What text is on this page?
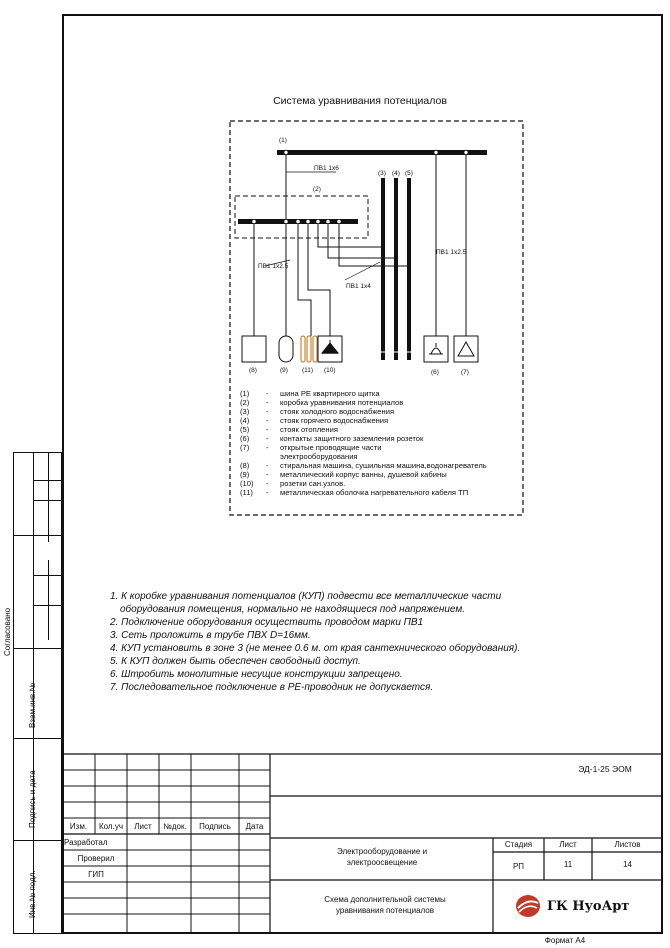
Согласовано
Взам.инв.№
Подпись и дата
Инв.№ подл.
Система уравнивания потенциалов
(1)
(2)
(3) (4) (5)
(8)	(9) (11) (10)	(6)	(7)
ПВ1 1х6
ПВ1 1х2.5
ПВ1 1х2.5
ПВ1 1х4
(1)	-	шина PE квартирного щитка
(2)	-	коробка уравнивания потенциалов
(3)	-	стояк холодного водоснабжения
(4)	-	стояк горячего водоснабжения
(5)	-	стояк отопления
(6)	-	контакты защитного заземления розеток
(7)	-	открытые проводящие части
электрооборудования
(8)	-	стиральная машина, сушильная машина,водонагреватель
(9)	-	металлический корпус ванны, душевой кабины
(10)	-	розетки сан.узлов.
(11)	-	металлическая оболочка нагревательного кабеля ТП
1. К коробке уравнивания потенциалов (КУП) подвести все металлические части
оборудования помещения, нормально не находящиеся под напряжением.
2. Подключение оборудования осуществить проводом марки ПВ1
3. Сеть проложить в трубе ПВХ D=16мм.
4. КУП установить в зоне 3 (не менее 0.6 м. от края сантехнического оборудования).
5. К КУП должен быть обеспечен свободный доступ.
6. Штробить монолитные несущие конструкции запрещено.
7. Последовательное подключение в PE-проводник не допускается.
ЭД-1-25 ЭОМ
Изм.	Кол.уч	Лист	№док.	Подпись	Дата
Разработал
Проверил
ГИП
Электрооборудование и электроосвещение
Схема дополнительной системы уравнивания потенциалов
Стадия	Лист	Листов
РП	11	14
ГК НуоАрт
Формат А4
